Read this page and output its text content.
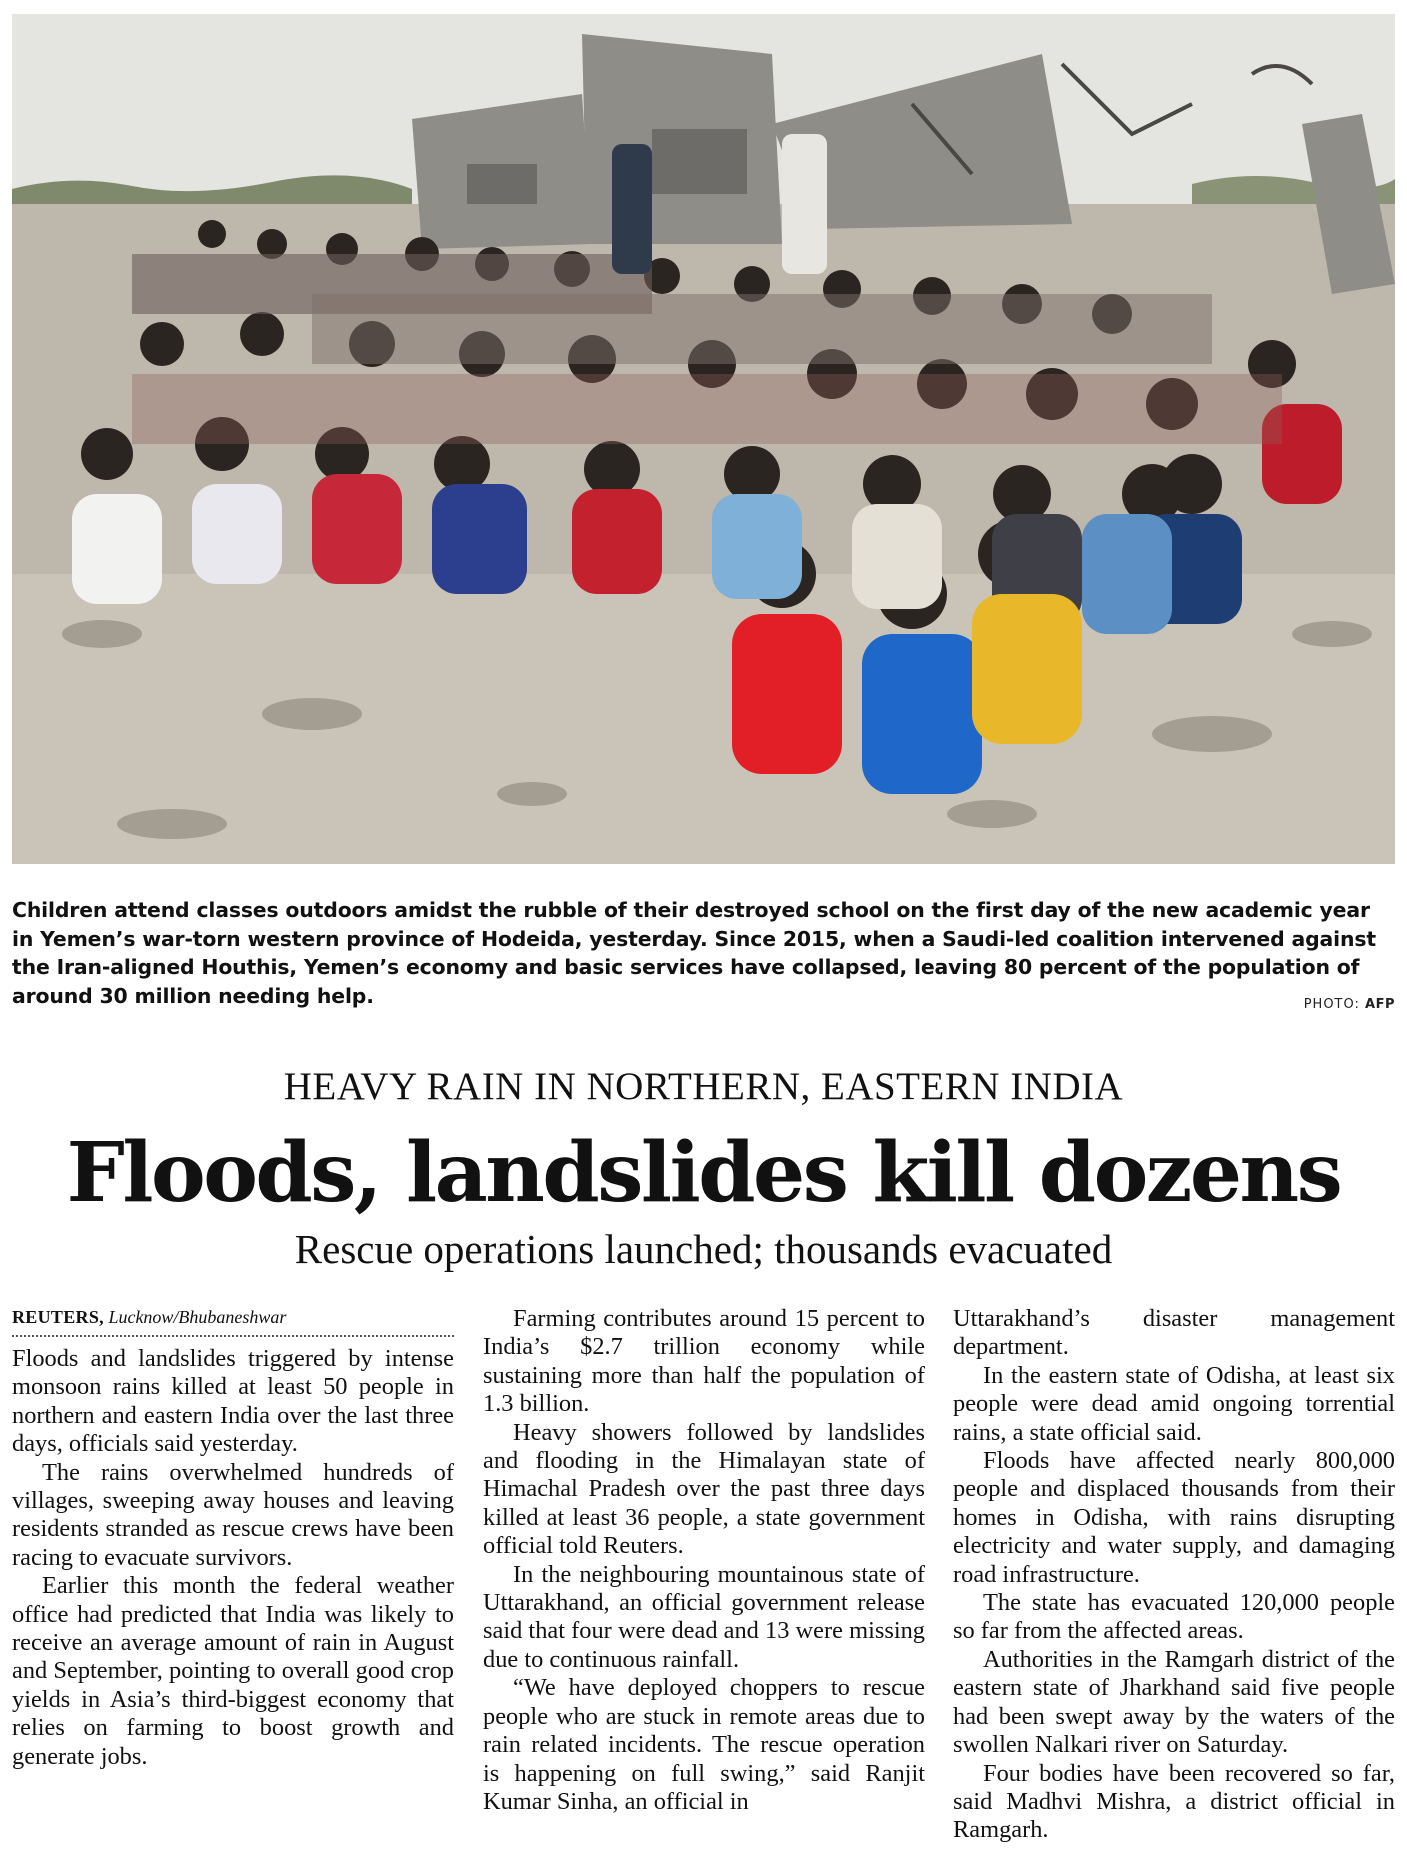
Children attend classes outdoors amidst the rubble of their destroyed school on the first day of the new academic year in Yemen’s war-torn western province of Hodeida, yesterday. Since 2015, when a Saudi-led coalition intervened against the Iran-aligned Houthis, Yemen’s economy and basic services have collapsed, leaving 80 percent of the population of around 30 million needing help.	PHOTO: AFP
HEAVY RAIN IN NORTHERN, EASTERN INDIA
Floods, landslides kill dozens
Rescue operations launched; thousands evacuated
REUTERS, Lucknow/Bhubaneshwar

Floods and landslides triggered by intense monsoon rains killed at least 50 people in northern and eastern India over the last three days, officials said yesterday.

The rains overwhelmed hundreds of villages, sweeping away houses and leaving residents stranded as rescue crews have been racing to evacuate survivors.

Earlier this month the federal weather office had predicted that India was likely to receive an average amount of rain in August and September, pointing to overall good crop yields in Asia’s third-biggest economy that relies on farming to boost growth and generate jobs.

Farming contributes around 15 percent to India’s $2.7 trillion economy while sustaining more than half the population of 1.3 billion.

Heavy showers followed by landslides and flooding in the Himalayan state of Himachal Pradesh over the past three days killed at least 36 people, a state government official told Reuters.

In the neighbouring mountainous state of Uttarakhand, an official government release said that four were dead and 13 were missing due to continuous rainfall.

“We have deployed choppers to rescue people who are stuck in remote areas due to rain related incidents. The rescue operation is happening on full swing,” said Ranjit Kumar Sinha, an official in

Uttarakhand’s disaster management department.

In the eastern state of Odisha, at least six people were dead amid ongoing torrential rains, a state official said.

Floods have affected nearly 800,000 people and displaced thousands from their homes in Odisha, with rains disrupting electricity and water supply, and damaging road infrastructure.

The state has evacuated 120,000 people so far from the affected areas.

Authorities in the Ramgarh district of the eastern state of Jharkhand said five people had been swept away by the waters of the swollen Nalkari river on Saturday.

Four bodies have been recovered so far, said Madhvi Mishra, a district official in Ramgarh.
